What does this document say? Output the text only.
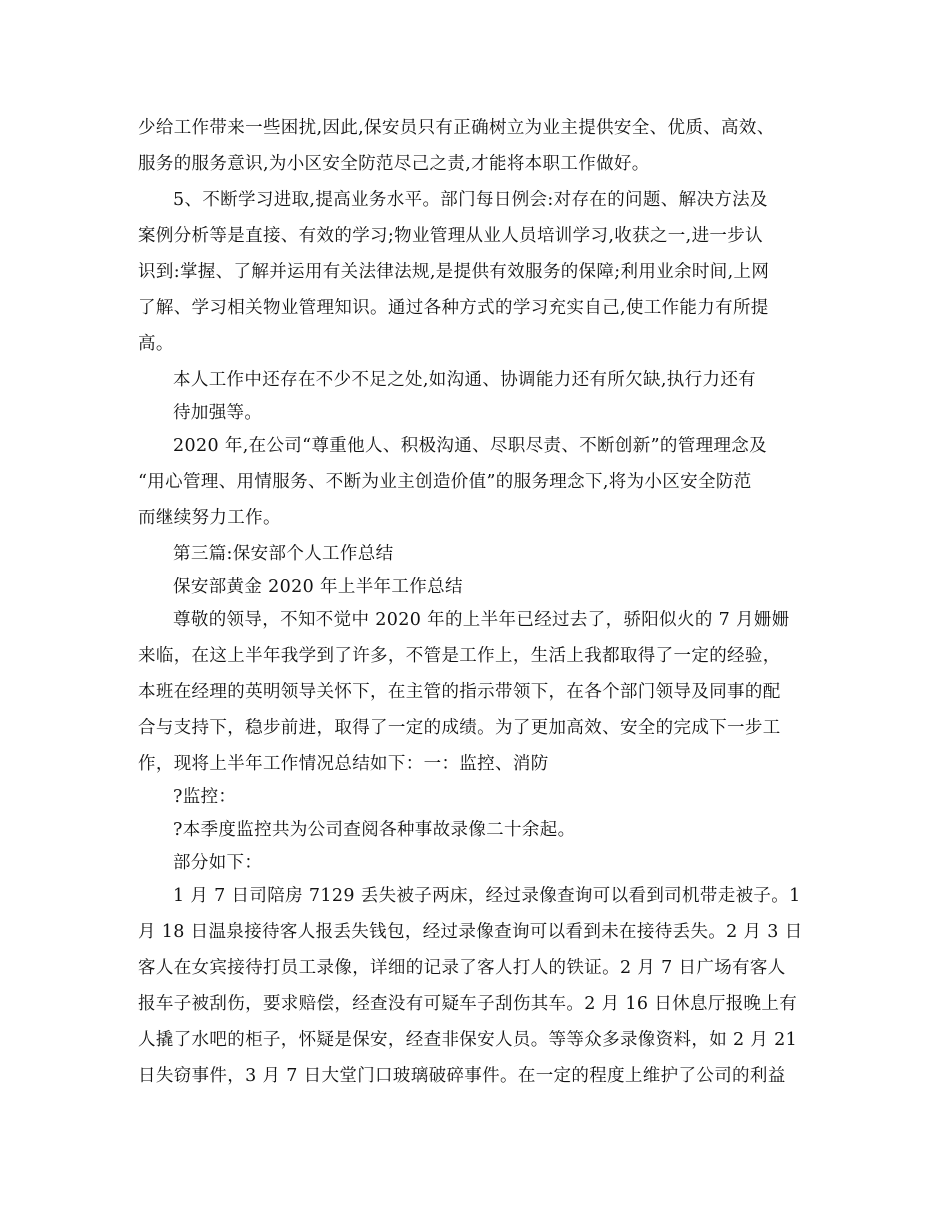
少给工作带来一些困扰,因此,保安员只有正确树立为业主提供安全、优质、高效、
服务的服务意识,为小区安全防范尽己之责,才能将本职工作做好。
5、不断学习进取,提高业务水平。部门每日例会:对存在的问题、解决方法及
案例分析等是直接、有效的学习;物业管理从业人员培训学习,收获之一,进一步认
识到:掌握、了解并运用有关法律法规,是提供有效服务的保障;利用业余时间,上网
了解、学习相关物业管理知识。通过各种方式的学习充实自己,使工作能力有所提
高。
本人工作中还存在不少不足之处,如沟通、协调能力还有所欠缺,执行力还有
待加强等。
2020 年,在公司“尊重他人、积极沟通、尽职尽责、不断创新”的管理理念及
“用心管理、用情服务、不断为业主创造价值”的服务理念下,将为小区安全防范
而继续努力工作。
第三篇:保安部个人工作总结
保安部黄金 2020 年上半年工作总结
尊敬的领导，不知不觉中 2020 年的上半年已经过去了，骄阳似火的 7 月姗姗
来临，在这上半年我学到了许多，不管是工作上，生活上我都取得了一定的经验，
本班在经理的英明领导关怀下，在主管的指示带领下，在各个部门领导及同事的配
合与支持下，稳步前进，取得了一定的成绩。为了更加高效、安全的完成下一步工
作，现将上半年工作情况总结如下：一：监控、消防
?监控：
?本季度监控共为公司查阅各种事故录像二十余起。
部分如下：
1 月 7 日司陪房 7129 丢失被子两床，经过录像查询可以看到司机带走被子。1
月 18 日温泉接待客人报丢失钱包，经过录像查询可以看到未在接待丢失。2 月 3 日
客人在女宾接待打员工录像，详细的记录了客人打人的铁证。2 月 7 日广场有客人
报车子被刮伤，要求赔偿，经查没有可疑车子刮伤其车。2 月 16 日休息厅报晚上有
人撬了水吧的柜子，怀疑是保安，经查非保安人员。等等众多录像资料，如 2 月 21
日失窃事件，3 月 7 日大堂门口玻璃破碎事件。在一定的程度上维护了公司的利益
